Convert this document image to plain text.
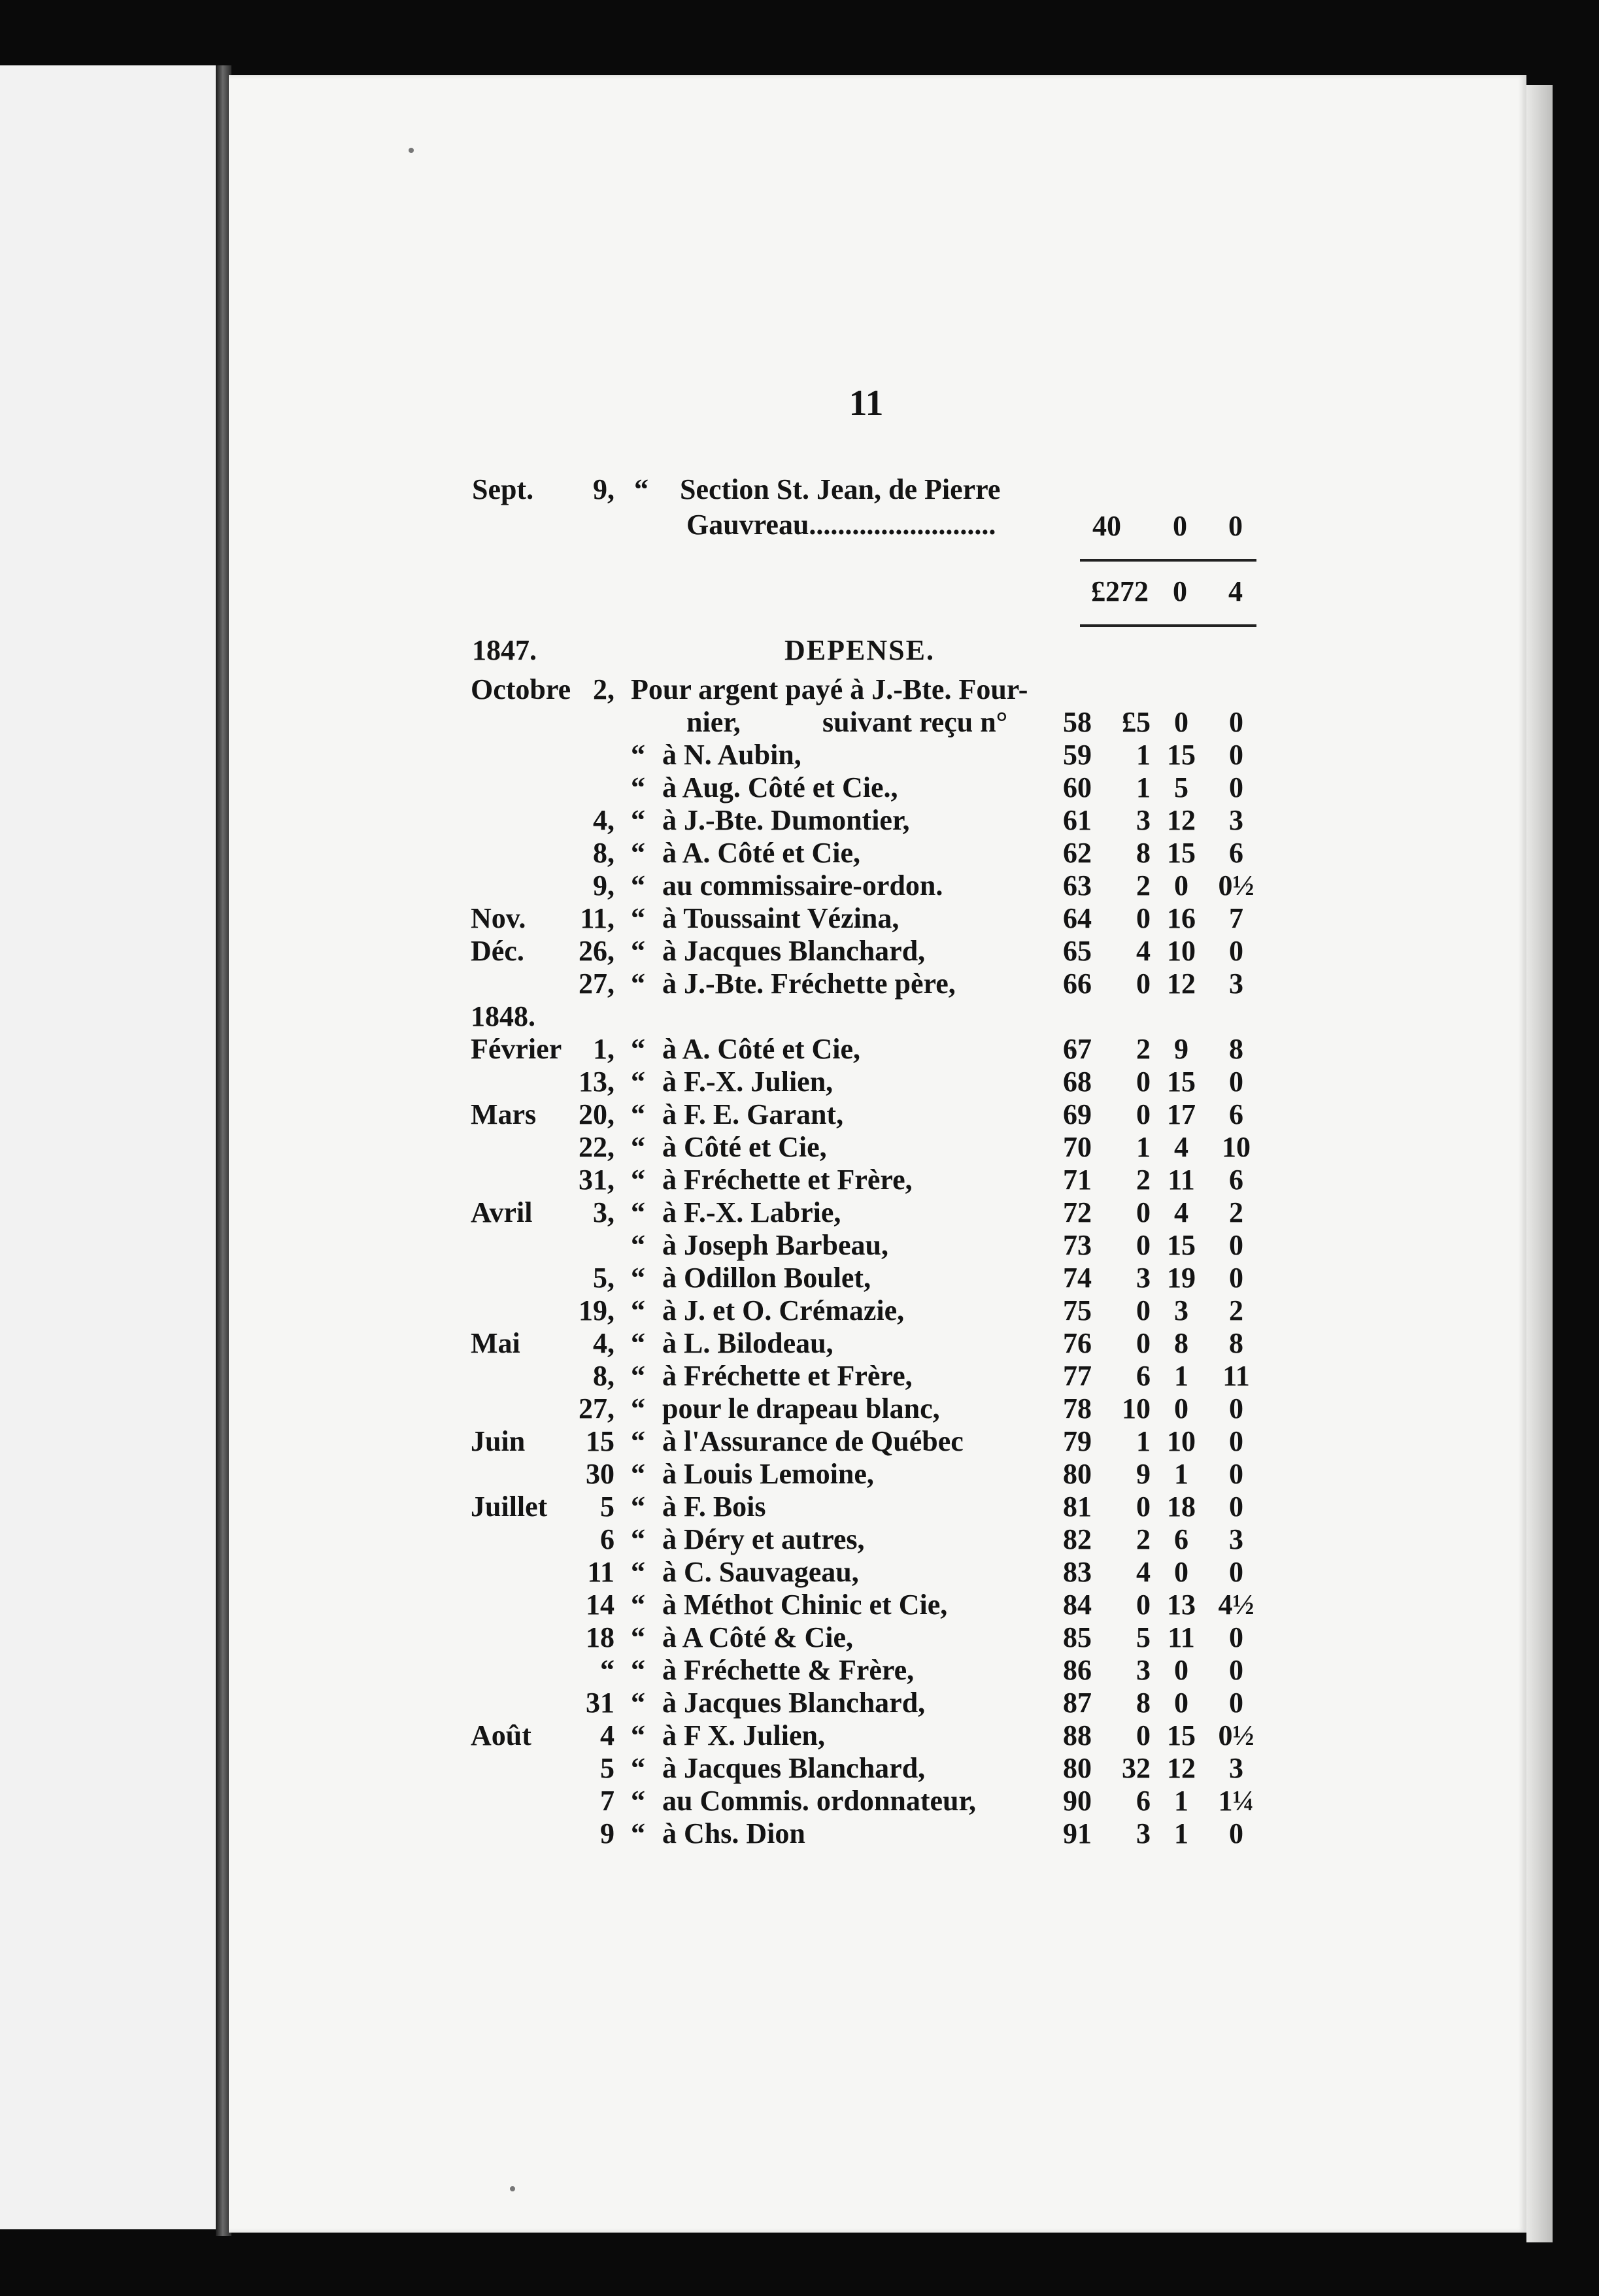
11
Sept.	9, “ Section St. Jean, de Pierre
Gauvreau..........................	40	0	0
£272 0	4
1847.	DEPENSE.
Octobre 2, Pour argent payé à J.-Bte. Four-
nier,	suivant reçu n°	58	£5 0	0
“ à N. Aubin,	59	1 15	0
“ à Aug. Côté et Cie.,	60	1 5	0
4, “ à J.-Bte. Dumontier,	61	3 12	3
8, “ à A. Côté et Cie,	62	8 15	6
9, “ au commissaire-ordon.	63	2 0	0½
Nov.	11, “ à Toussaint Vézina,	64	0 16	7
Déc.	26, “ à Jacques Blanchard,	65	4 10	0
27, “ à J.-Bte. Fréchette père,	66	0 12	3
1848.
Février	1, “ à A. Côté et Cie,	67	2 9	8
13, “ à F.-X. Julien,	68	0 15	0
Mars	20, “ à F. E. Garant,	69	0 17	6
22, “ à Côté et Cie,	70	1 4	10
31, “ à Fréchette et Frère,	71	2 11	6
Avril	3, “ à F.-X. Labrie,	72	0 4	2
“ à Joseph Barbeau,	73	0 15	0
5, “ à Odillon Boulet,	74	3 19	0
19, “ à J. et O. Crémazie,	75	0 3	2
Mai	4, “ à L. Bilodeau,	76	0 8	8
8, “ à Fréchette et Frère,	77	6 1	11
27, “ pour le drapeau blanc,	78	10 0	0
Juin	15 “ à l'Assurance de Québec	79	1 10	0
30 “ à Louis Lemoine,	80	9 1	0
Juillet	5 “ à F. Bois	81	0 18	0
6 “ à Déry et autres,	82	2 6	3
11 “ à C. Sauvageau,	83	4 0	0
14 “ à Méthot Chinic et Cie,	84	0 13 4½
18 “ à A Côté & Cie,	85	5 11	0
“ “ à Fréchette & Frère,	86	3 0	0
31 “ à Jacques Blanchard,	87	8 0	0
Août	4 “ à F X. Julien,	88	0 15 0½
5 “ à Jacques Blanchard,	80	32 12	3
7 “ au Commis. ordonnateur,	90	6 1	1¼
9 “ à Chs. Dion	91	3 1	0
